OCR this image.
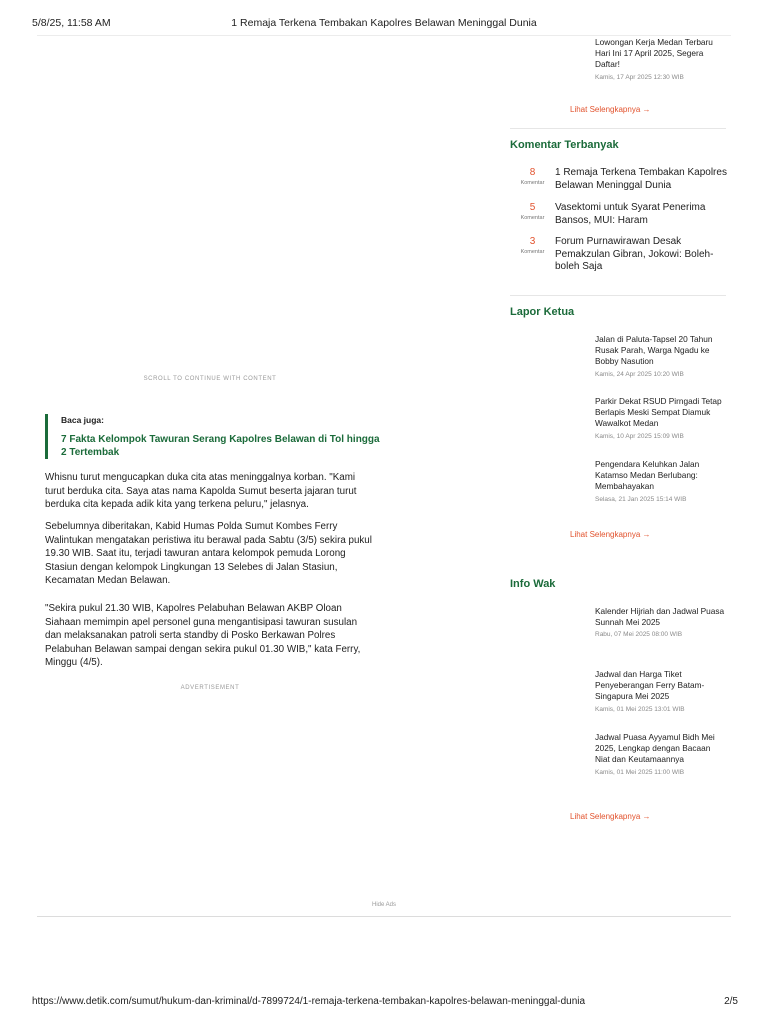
5/8/25, 11:58 AM	1 Remaja Terkena Tembakan Kapolres Belawan Meninggal Dunia
Lowongan Kerja Medan Terbaru Hari Ini 17 April 2025, Segera Daftar!
Kamis, 17 Apr 2025 12:30 WIB
Lihat Selengkapnya →
Komentar Terbanyak
8
Komentar
1 Remaja Terkena Tembakan Kapolres Belawan Meninggal Dunia
5
Komentar
Vasektomi untuk Syarat Penerima Bansos, MUI: Haram
3
Komentar
Forum Purnawirawan Desak Pemakzulan Gibran, Jokowi: Boleh-boleh Saja
Lapor Ketua
Jalan di Paluta-Tapsel 20 Tahun Rusak Parah, Warga Ngadu ke Bobby Nasution
Kamis, 24 Apr 2025 10:20 WIB
Parkir Dekat RSUD Pirngadi Tetap Berlapis Meski Sempat Diamuk Wawalkot Medan
Kamis, 10 Apr 2025 15:09 WIB
Pengendara Keluhkan Jalan Katamso Medan Berlubang: Membahayakan
Selasa, 21 Jan 2025 15:14 WIB
Lihat Selengkapnya →
Info Wak
Kalender Hijriah dan Jadwal Puasa Sunnah Mei 2025
Rabu, 07 Mei 2025 08:00 WIB
Jadwal dan Harga Tiket Penyeberangan Ferry Batam-Singapura Mei 2025
Kamis, 01 Mei 2025 13:01 WIB
Jadwal Puasa Ayyamul Bidh Mei 2025, Lengkap dengan Bacaan Niat dan Keutamaannya
Kamis, 01 Mei 2025 11:00 WIB
Lihat Selengkapnya →
SCROLL TO CONTINUE WITH CONTENT
Baca juga:
7 Fakta Kelompok Tawuran Serang Kapolres Belawan di Tol hingga 2 Tertembak

Whisnu turut mengucapkan duka cita atas meninggalnya korban. "Kami turut berduka cita. Saya atas nama Kapolda Sumut beserta jajaran turut berduka cita kepada adik kita yang terkena peluru," jelasnya.

Sebelumnya diberitakan, Kabid Humas Polda Sumut Kombes Ferry Walintukan mengatakan peristiwa itu berawal pada Sabtu (3/5) sekira pukul 19.30 WIB. Saat itu, terjadi tawuran antara kelompok pemuda Lorong Stasiun dengan kelompok Lingkungan 13 Selebes di Jalan Stasiun, Kecamatan Medan Belawan.

"Sekira pukul 21.30 WIB, Kapolres Pelabuhan Belawan AKBP Oloan Siahaan memimpin apel personel guna mengantisipasi tawuran susulan dan melaksanakan patroli serta standby di Posko Berkawan Polres Pelabuhan Belawan sampai dengan sekira pukul 01.30 WIB," kata Ferry, Minggu (4/5).

ADVERTISEMENT
Hide Ads
https://www.detik.com/sumut/hukum-dan-kriminal/d-7899724/1-remaja-terkena-tembakan-kapolres-belawan-meninggal-dunia	2/5
